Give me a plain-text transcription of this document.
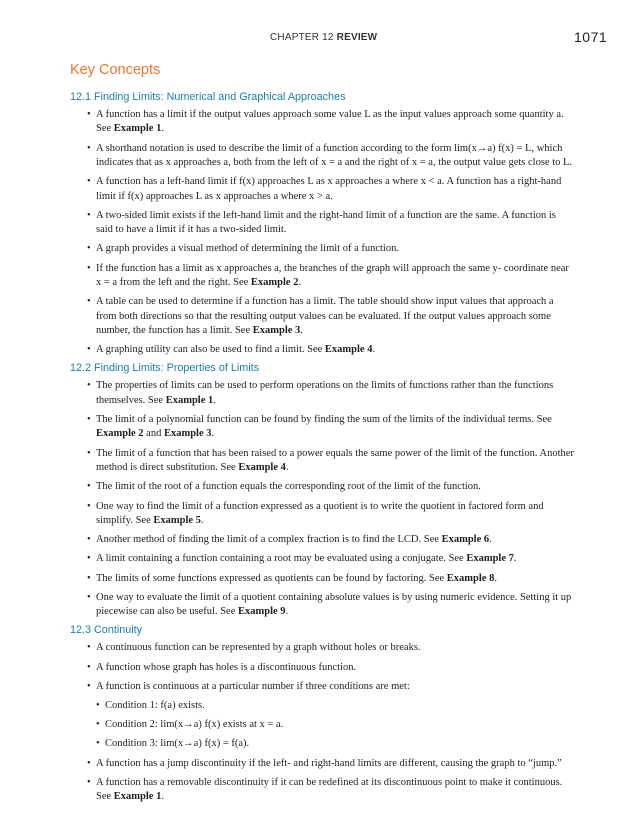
CHAPTER 12 REVIEW	1071
Key Concepts
12.1 Finding Limits: Numerical and Graphical Approaches
• A function has a limit if the output values approach some value L as the input values approach some quantity a. See Example 1.
• A shorthand notation is used to describe the limit of a function according to the form lim(x→a) f(x) = L, which indicates that as x approaches a, both from the left of x = a and the right of x = a, the output value gets close to L.
• A function has a left-hand limit if f(x) approaches L as x approaches a where x < a. A function has a right-hand limit if f(x) approaches L as x approaches a where x > a.
• A two-sided limit exists if the left-hand limit and the right-hand limit of a function are the same. A function is said to have a limit if it has a two-sided limit.
• A graph provides a visual method of determining the limit of a function.
• If the function has a limit as x approaches a, the branches of the graph will approach the same y- coordinate near x = a from the left and the right. See Example 2.
• A table can be used to determine if a function has a limit. The table should show input values that approach a from both directions so that the resulting output values can be evaluated. If the output values approach some number, the function has a limit. See Example 3.
• A graphing utility can also be used to find a limit. See Example 4.
12.2 Finding Limits: Properties of Limits
• The properties of limits can be used to perform operations on the limits of functions rather than the functions themselves. See Example 1.
• The limit of a polynomial function can be found by finding the sum of the limits of the individual terms. See Example 2 and Example 3.
• The limit of a function that has been raised to a power equals the same power of the limit of the function. Another method is direct substitution. See Example 4.
• The limit of the root of a function equals the corresponding root of the limit of the function.
• One way to find the limit of a function expressed as a quotient is to write the quotient in factored form and simplify. See Example 5.
• Another method of finding the limit of a complex fraction is to find the LCD. See Example 6.
• A limit containing a function containing a root may be evaluated using a conjugate. See Example 7.
• The limits of some functions expressed as quotients can be found by factoring. See Example 8.
• One way to evaluate the limit of a quotient containing absolute values is by using numeric evidence. Setting it up piecewise can also be useful. See Example 9.
12.3 Continuity
• A continuous function can be represented by a graph without holes or breaks.
• A function whose graph has holes is a discontinuous function.
• A function is continuous at a particular number if three conditions are met:
• Condition 1: f(a) exists.
• Condition 2: lim(x→a) f(x) exists at x = a.
• Condition 3: lim(x→a) f(x) = f(a).
• A function has a jump discontinuity if the left- and right-hand limits are different, causing the graph to “jump.”
• A function has a removable discontinuity if it can be redefined at its discontinuous point to make it continuous. See Example 1.
